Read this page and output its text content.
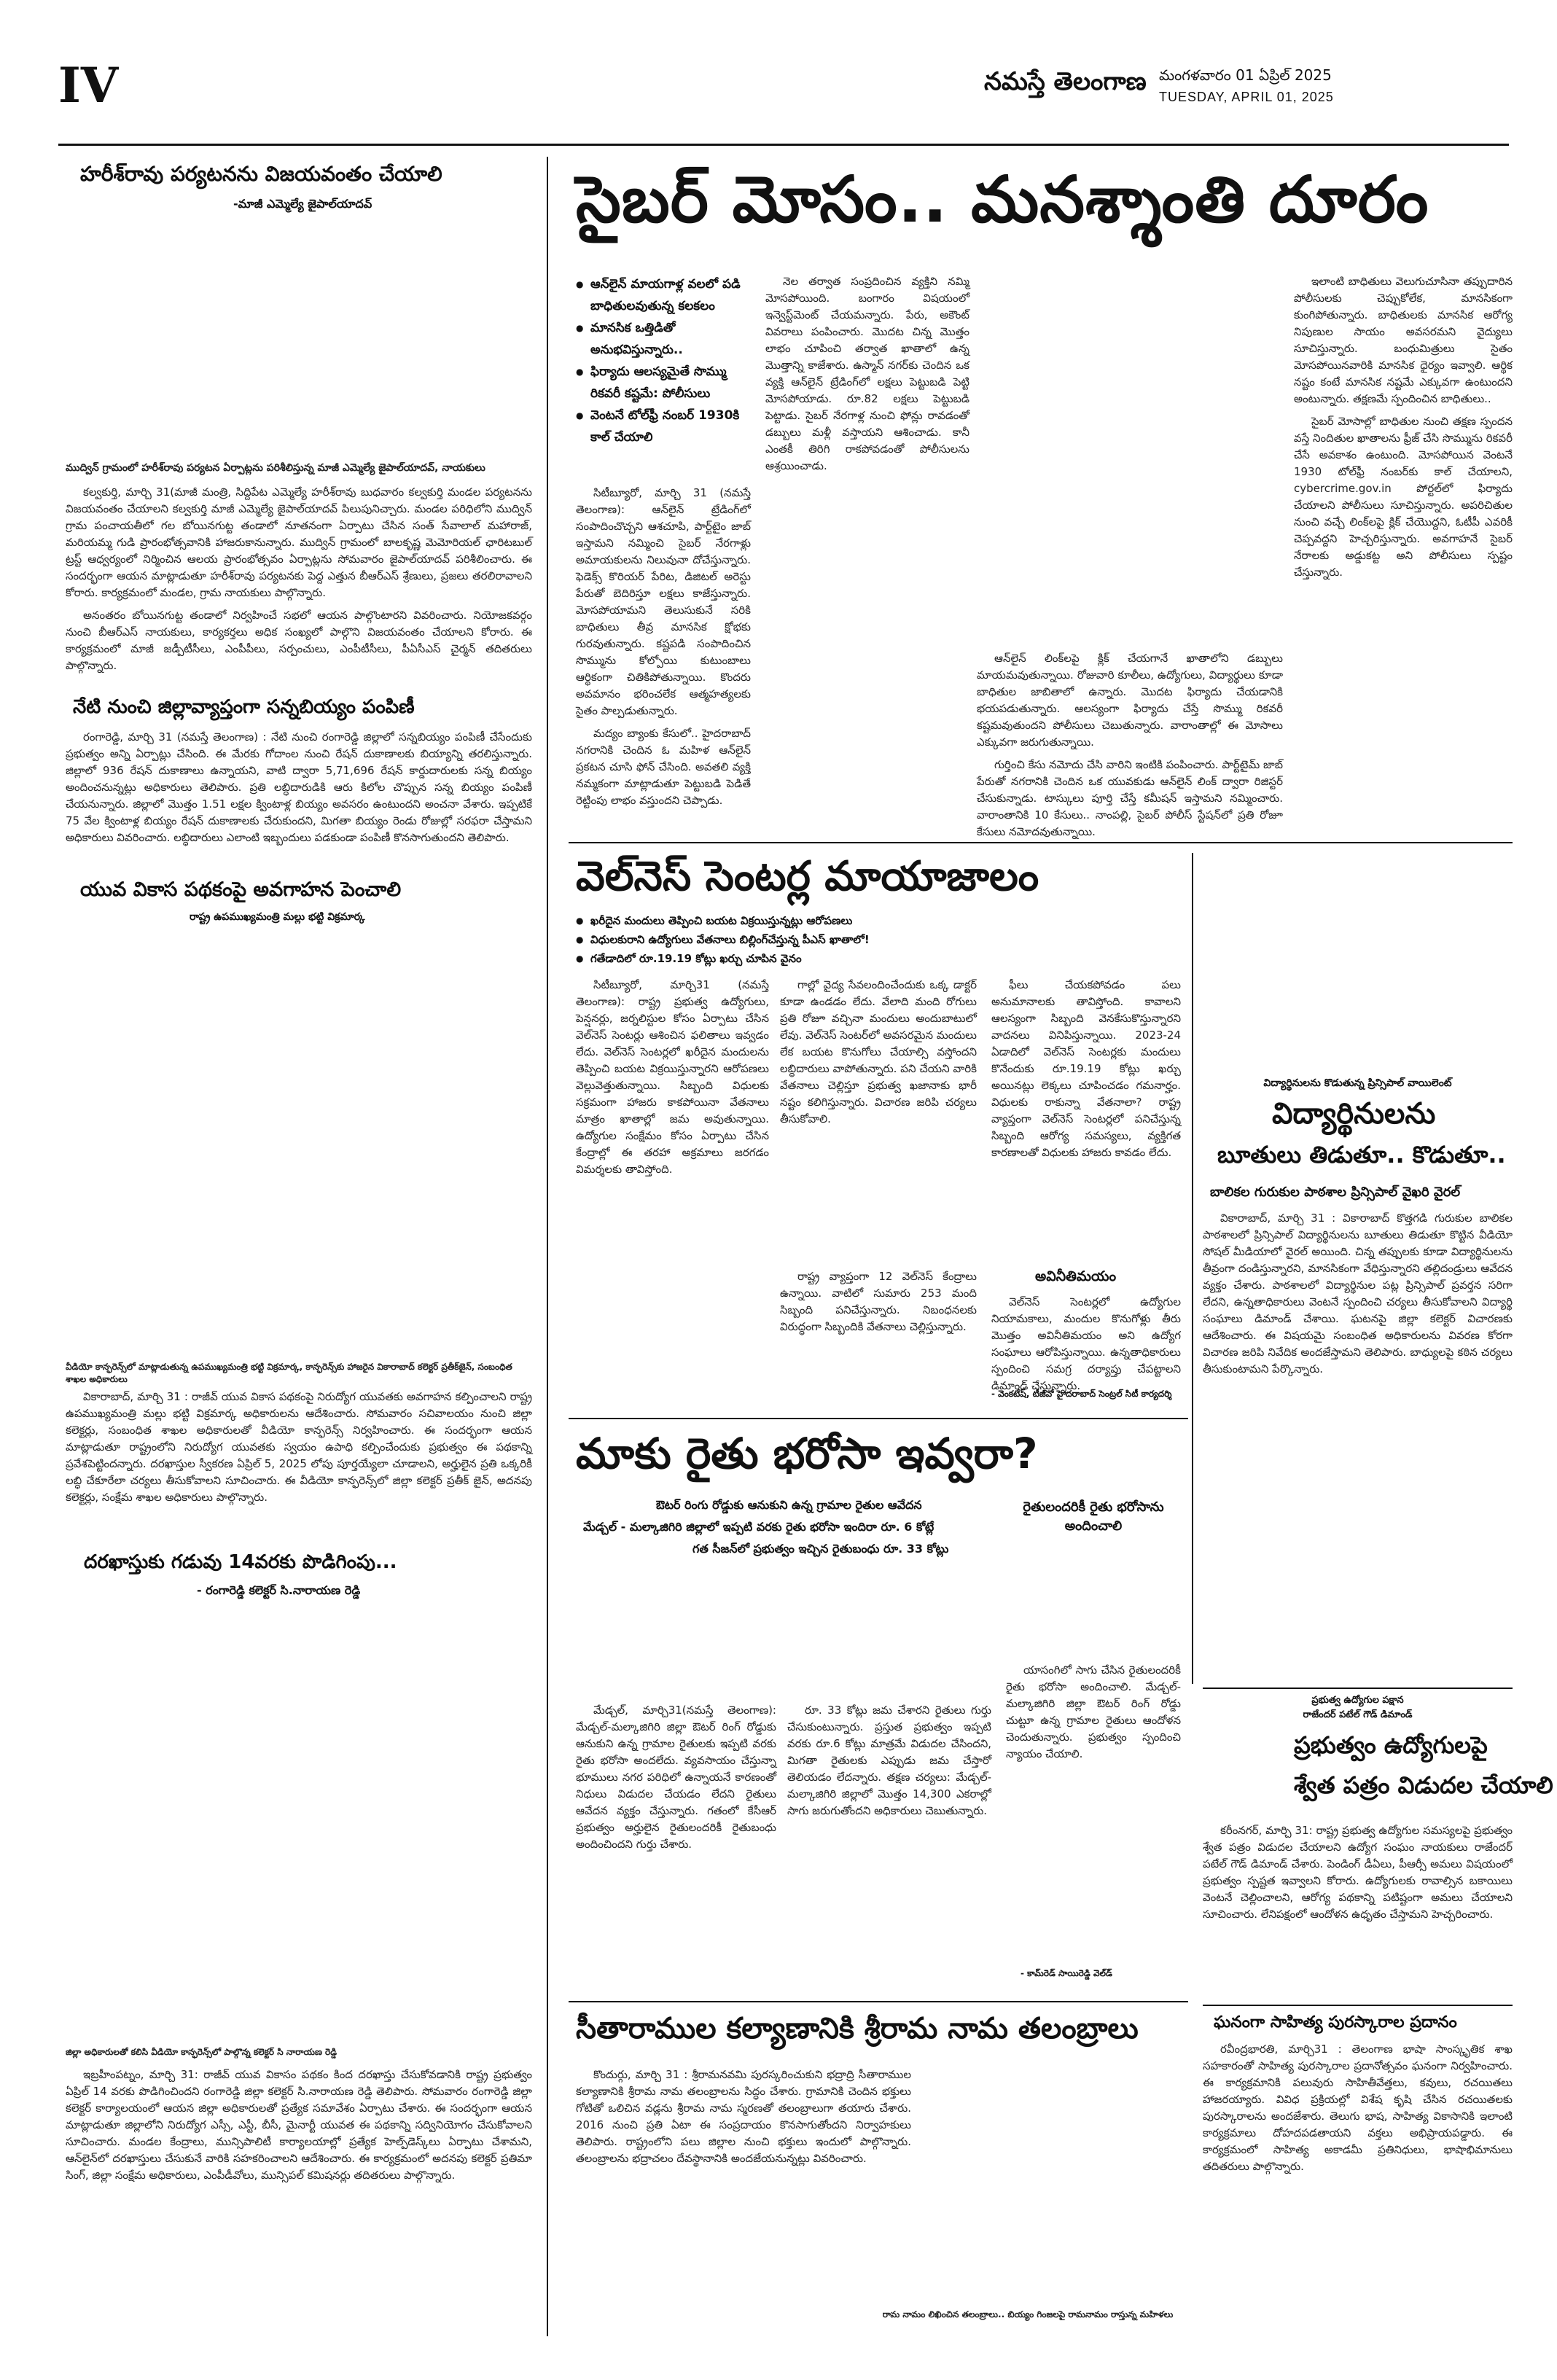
IV	నమస్తే తెలంగాణ మంగళవారం 01 ఏప్రిల్ 2025
TUESDAY, APRIL 01, 2025
హరీశ్‌రావు పర్యటనను విజయవంతం చేయాలి
-మాజీ ఎమ్మెల్యే జైపాల్‌యాదవ్
ముద్విన్ గ్రామంలో హరీశ్‌రావు పర్యటన ఏర్పాట్లను పరిశీలిస్తున్న మాజీ ఎమ్మెల్యే జైపాల్‌యాదవ్, నాయకులు

కల్వకుర్తి, మార్చి 31(మాజీ మంత్రి, సిద్దిపేట ఎమ్మెల్యే హరీశ్‌రావు బుధవారం కల్వకుర్తి మండల పర్యటనను విజయవంతం చేయాలని కల్వకుర్తి మాజీ ఎమ్మెల్యే జైపాల్‌యాదవ్ పిలుపునిచ్చారు. మండల పరిధిలోని ముద్విన్ గ్రామ పంచాయతీలో గల బోయినగుట్ట తండాలో నూతనంగా ఏర్పాటు చేసిన సంత్ సేవాలాల్ మహారాజ్, మరియమ్మ గుడి ప్రారంభోత్సవానికి హాజరుకానున్నారు. ముద్విన్ గ్రామంలో బాలకృష్ణ మెమోరియల్ ఛారిటబుల్ ట్రస్ట్ ఆధ్వర్యంలో నిర్మించిన ఆలయ ప్రారంభోత్సవం ఏర్పాట్లను సోమవారం జైపాల్‌యాదవ్ పరిశీలించారు. ఈ సందర్భంగా ఆయన మాట్లాడుతూ హరీశ్‌రావు పర్యటనకు పెద్ద ఎత్తున బీఆర్‌ఎస్ శ్రేణులు, ప్రజలు తరలిరావాలని కోరారు. కార్యక్రమంలో మండల, గ్రామ నాయకులు పాల్గొన్నారు.

అనంతరం బోయినగుట్ట తండాలో నిర్వహించే సభలో ఆయన పాల్గొంటారని వివరించారు. నియోజకవర్గం నుంచి బీఆర్‌ఎస్ నాయకులు, కార్యకర్తలు అధిక సంఖ్యలో పాల్గొని విజయవంతం చేయాలని కోరారు. ఈ కార్యక్రమంలో మాజీ జడ్పీటీసీలు, ఎంపీపీలు, సర్పంచులు, ఎంపీటీసీలు, పీఏసీఎస్ చైర్మన్ తదితరులు పాల్గొన్నారు.

నేటి నుంచి జిల్లావ్యాప్తంగా సన్నబియ్యం పంపిణీ

రంగారెడ్డి, మార్చి 31 (నమస్తే తెలంగాణ) : నేటి నుంచి రంగారెడ్డి జిల్లాలో సన్నబియ్యం పంపిణీ చేసేందుకు ప్రభుత్వం అన్ని ఏర్పాట్లు చేసింది. ఈ మేరకు గోదాంల నుంచి రేషన్ దుకాణాలకు బియ్యాన్ని తరలిస్తున్నారు. జిల్లాలో 936 రేషన్ దుకాణాలు ఉన్నాయని, వాటి ద్వారా 5,71,696 రేషన్ కార్డుదారులకు సన్న బియ్యం అందించనున్నట్లు అధికారులు తెలిపారు. ప్రతి లబ్ధిదారుడికి ఆరు కిలోల చొప్పున సన్న బియ్యం పంపిణీ చేయనున్నారు. జిల్లాలో మొత్తం 1.51 లక్షల క్వింటాళ్ల బియ్యం అవసరం ఉంటుందని అంచనా వేశారు. ఇప్పటికే 75 వేల క్వింటాళ్ల బియ్యం రేషన్ దుకాణాలకు చేరుకుందని, మిగతా బియ్యం రెండు రోజుల్లో సరఫరా చేస్తామని అధికారులు వివరించారు. లబ్ధిదారులు ఎలాంటి ఇబ్బందులు పడకుండా పంపిణీ కొనసాగుతుందని తెలిపారు.

యువ వికాస పథకంపై అవగాహన పెంచాలి
రాష్ట్ర ఉపముఖ్యమంత్రి మల్లు భట్టి విక్రమార్క
వీడియో కాన్ఫరెన్స్‌లో మాట్లాడుతున్న ఉపముఖ్యమంత్రి భట్టి విక్రమార్క, కాన్ఫరెన్స్‌కు హాజరైన వికారాబాద్ కలెక్టర్ ప్రతీక్‌జైన్, సంబంధిత శాఖల అధికారులు

వికారాబాద్, మార్చి 31 : రాజీవ్ యువ వికాస పథకంపై నిరుద్యోగ యువతకు అవగాహన కల్పించాలని రాష్ట్ర ఉపముఖ్యమంత్రి మల్లు భట్టి విక్రమార్క అధికారులను ఆదేశించారు. సోమవారం సచివాలయం నుంచి జిల్లా కలెక్టర్లు, సంబంధిత శాఖల అధికారులతో వీడియో కాన్ఫరెన్స్ నిర్వహించారు. ఈ సందర్భంగా ఆయన మాట్లాడుతూ రాష్ట్రంలోని నిరుద్యోగ యువతకు స్వయం ఉపాధి కల్పించేందుకు ప్రభుత్వం ఈ పథకాన్ని ప్రవేశపెట్టిందన్నారు. దరఖాస్తుల స్వీకరణ ఏప్రిల్ 5, 2025 లోపు పూర్తయ్యేలా చూడాలని, అర్హులైన ప్రతి ఒక్కరికీ లబ్ధి చేకూరేలా చర్యలు తీసుకోవాలని సూచించారు. ఈ వీడియో కాన్ఫరెన్స్‌లో జిల్లా కలెక్టర్ ప్రతీక్ జైన్, అదనపు కలెక్టర్లు, సంక్షేమ శాఖల అధికారులు పాల్గొన్నారు.

దరఖాస్తుకు గడువు 14వరకు పొడిగింపు...
- రంగారెడ్డి కలెక్టర్ సి.నారాయణ రెడ్డి
జిల్లా అధికారులతో కలిసి వీడియో కాన్ఫరెన్స్‌లో పాల్గొన్న కలెక్టర్ సి నారాయణ రెడ్డి

ఇబ్రహీంపట్నం, మార్చి 31: రాజీవ్ యువ వికాసం పథకం కింద దరఖాస్తు చేసుకోవడానికి రాష్ట్ర ప్రభుత్వం ఏప్రిల్ 14 వరకు పొడిగించిందని రంగారెడ్డి జిల్లా కలెక్టర్ సి.నారాయణ రెడ్డి తెలిపారు. సోమవారం రంగారెడ్డి జిల్లా కలెక్టర్ కార్యాలయంలో ఆయన జిల్లా అధికారులతో ప్రత్యేక సమావేశం ఏర్పాటు చేశారు. ఈ సందర్భంగా ఆయన మాట్లాడుతూ జిల్లాలోని నిరుద్యోగ ఎస్సీ, ఎస్టీ, బీసీ, మైనార్టీ యువత ఈ పథకాన్ని సద్వినియోగం చేసుకోవాలని సూచించారు. మండల కేంద్రాలు, మున్సిపాలిటీ కార్యాలయాల్లో ప్రత్యేక హెల్ప్‌డెస్క్‌లు ఏర్పాటు చేశామని, ఆన్‌లైన్‌లో దరఖాస్తులు చేసుకునే వారికి సహకరించాలని ఆదేశించారు. ఈ కార్యక్రమంలో అదనపు కలెక్టర్ ప్రతిమా సింగ్, జిల్లా సంక్షేమ అధికారులు, ఎంపీడీవోలు, మున్సిపల్ కమిషనర్లు తదితరులు పాల్గొన్నారు.

సైబర్ మోసం.. మనశ్శాంతి దూరం
● ఆన్‌లైన్ మాయగాళ్ల వలలో పడి బాధితులవుతున్న కలకలం
● మానసిక ఒత్తిడితో అనుభవిస్తున్నారు..
● ఫిర్యాదు ఆలస్యమైతే సొమ్ము రికవరీ కష్టమే: పోలీసులు
● వెంటనే టోల్‌ఫ్రీ నంబర్ 1930కి కాల్ చేయాలి

సిటీబ్యూరో, మార్చి 31 (నమస్తే తెలంగాణ): ఆన్‌లైన్ ట్రేడింగ్‌లో సంపాదించొచ్చని ఆశచూపి, పార్ట్‌టైం జాబ్ ఇస్తామని నమ్మించి సైబర్ నేరగాళ్లు అమాయకులను నిలువునా దోచేస్తున్నారు. ఫెడెక్స్ కొరియర్ పేరిట, డిజిటల్ అరెస్టు పేరుతో బెదిరిస్తూ లక్షలు కాజేస్తున్నారు. మోసపోయామని తెలుసుకునే సరికి బాధితులు తీవ్ర మానసిక క్షోభకు గురవుతున్నారు. కష్టపడి సంపాదించిన సొమ్మును కోల్పోయి కుటుంబాలు ఆర్థికంగా చితికిపోతున్నాయి. కొందరు అవమానం భరించలేక ఆత్మహత్యలకు సైతం పాల్పడుతున్నారు.

మద్యం బ్యాంకు కేసులో.. హైదరాబాద్ నగరానికి చెందిన ఓ మహిళ ఆన్‌లైన్ ప్రకటన చూసి ఫోన్ చేసింది. అవతలి వ్యక్తి నమ్మకంగా మాట్లాడుతూ పెట్టుబడి పెడితే రెట్టింపు లాభం వస్తుందని చెప్పాడు.

నెల తర్వాత సంప్రదించిన వ్యక్తిని నమ్మి మోసపోయింది. బంగారం విషయంలో ఇన్వెస్ట్‌మెంట్ చేయమన్నారు. పేరు, అకౌంట్ వివరాలు పంపించారు. మొదట చిన్న మొత్తం లాభం చూపించి తర్వాత ఖాతాలో ఉన్న మొత్తాన్ని కాజేశారు. ఉస్మాన్ నగర్‌కు చెందిన ఒక వ్యక్తి ఆన్‌లైన్ ట్రేడింగ్‌లో లక్షలు పెట్టుబడి పెట్టి మోసపోయాడు. రూ.82 లక్షలు పెట్టుబడి పెట్టాడు. సైబర్ నేరగాళ్ల నుంచి ఫోన్లు రావడంతో డబ్బులు మళ్లీ వస్తాయని ఆశించాడు. కానీ ఎంతకీ తిరిగి రాకపోవడంతో పోలీసులను ఆశ్రయించాడు.

ఆన్‌లైన్ లింక్‌లపై క్లిక్ చేయగానే ఖాతాలోని డబ్బులు మాయమవుతున్నాయి. రోజువారి కూలీలు, ఉద్యోగులు, విద్యార్థులు కూడా బాధితుల జాబితాలో ఉన్నారు. మొదట ఫిర్యాదు చేయడానికి భయపడుతున్నారు. ఆలస్యంగా ఫిర్యాదు చేస్తే సొమ్ము రికవరీ కష్టమవుతుందని పోలీసులు చెబుతున్నారు. వారాంతాల్లో ఈ మోసాలు ఎక్కువగా జరుగుతున్నాయి.

గుర్తించి కేసు నమోదు చేసి వారిని ఇంటికి పంపించారు. పార్ట్‌టైమ్ జాబ్ పేరుతో నగరానికి చెందిన ఒక యువకుడు ఆన్‌లైన్ లింక్ ద్వారా రిజిస్టర్ చేసుకున్నాడు. టాస్కులు పూర్తి చేస్తే కమీషన్ ఇస్తామని నమ్మించారు. వారాంతానికి 10 కేసులు.. నాంపల్లి, సైబర్ పోలీస్ స్టేషన్‌లో ప్రతి రోజూ కేసులు నమోదవుతున్నాయి.

ఇలాంటి బాధితులు వెలుగుచూసినా తప్పుదారిన పోలీసులకు చెప్పుకోలేక, మానసికంగా కుంగిపోతున్నారు. బాధితులకు మానసిక ఆరోగ్య నిపుణుల సాయం అవసరమని వైద్యులు సూచిస్తున్నారు. బంధుమిత్రులు సైతం మోసపోయినవారికి మానసిక ధైర్యం ఇవ్వాలి. ఆర్థిక నష్టం కంటే మానసిక నష్టమే ఎక్కువగా ఉంటుందని అంటున్నారు. తక్షణమే స్పందించిన బాధితులు..

సైబర్ మోసాల్లో బాధితుల నుంచి తక్షణ స్పందన వస్తే నిందితుల ఖాతాలను ఫ్రీజ్ చేసి సొమ్మును రికవరీ చేసే అవకాశం ఉంటుంది. మోసపోయిన వెంటనే 1930 టోల్‌ఫ్రీ నంబర్‌కు కాల్ చేయాలని, cybercrime.gov.in పోర్టల్‌లో ఫిర్యాదు చేయాలని పోలీసులు సూచిస్తున్నారు. అపరిచితుల నుంచి వచ్చే లింక్‌లపై క్లిక్ చేయొద్దని, ఓటీపీ ఎవరికీ చెప్పవద్దని హెచ్చరిస్తున్నారు. అవగాహనే సైబర్ నేరాలకు అడ్డుకట్ట అని పోలీసులు స్పష్టం చేస్తున్నారు.

వెల్‌నెస్ సెంటర్ల మాయాజాలం
● ఖరీదైన మందులు తెప్పించి బయట విక్రయిస్తున్నట్లు ఆరోపణలు
● విధులకురాని ఉద్యోగులు వేతనాలు బిల్లింగ్‌చేస్తున్న పీఎస్ ఖాతాలో!
● గతేడాదిలో రూ.19.19 కోట్లు ఖర్చు చూపిన వైనం

సిటీబ్యూరో, మార్చి31 (నమస్తే తెలంగాణ): రాష్ట్ర ప్రభుత్వ ఉద్యోగులు, పెన్షనర్లు, జర్నలిస్టుల కోసం ఏర్పాటు చేసిన వెల్‌నెస్ సెంటర్లు ఆశించిన ఫలితాలు ఇవ్వడం లేదు. వెల్‌నెస్ సెంటర్లలో ఖరీదైన మందులను తెప్పించి బయట విక్రయిస్తున్నారని ఆరోపణలు వెల్లువెత్తుతున్నాయి. సిబ్బంది విధులకు సక్రమంగా హాజరు కాకపోయినా వేతనాలు మాత్రం ఖాతాల్లో జమ అవుతున్నాయి. ఉద్యోగుల సంక్షేమం కోసం ఏర్పాటు చేసిన కేంద్రాల్లో ఈ తరహా అక్రమాలు జరగడం విమర్శలకు తావిస్తోంది.

గాల్లో వైద్య సేవలందించేందుకు ఒక్క డాక్టర్ కూడా ఉండడం లేదు. వేలాది మంది రోగులు ప్రతి రోజూ వచ్చినా మందులు అందుబాటులో లేవు. వెల్‌నెస్ సెంటర్‌లో అవసరమైన మందులు లేక బయట కొనుగోలు చేయాల్సి వస్తోందని లబ్ధిదారులు వాపోతున్నారు. పని చేయని వారికి వేతనాలు చెల్లిస్తూ ప్రభుత్వ ఖజానాకు భారీ నష్టం కలిగిస్తున్నారు. విచారణ జరిపి చర్యలు తీసుకోవాలి.

ఫీలు చేయకపోవడం పలు అనుమానాలకు తావిస్తోంది. కావాలని ఆలస్యంగా సిబ్బంది వెనకేసుకొస్తున్నారని వాదనలు వినిపిస్తున్నాయి. 2023-24 ఏడాదిలో వెల్‌నెస్ సెంటర్లకు మందులు కొనేందుకు రూ.19.19 కోట్లు ఖర్చు అయినట్లు లెక్కలు చూపించడం గమనార్హం. విధులకు రాకున్నా వేతనాలా? రాష్ట్ర వ్యాప్తంగా వెల్‌నెస్ సెంటర్లలో పనిచేస్తున్న సిబ్బంది ఆరోగ్య సమస్యలు, వ్యక్తిగత కారణాలతో విధులకు హాజరు కావడం లేదు.

రాష్ట్ర వ్యాప్తంగా 12 వెల్‌నెస్ కేంద్రాలు ఉన్నాయి. వాటిలో సుమారు 253 మంది సిబ్బంది పనిచేస్తున్నారు. నిబంధనలకు విరుద్ధంగా సిబ్బందికి వేతనాలు చెల్లిస్తున్నారు.

అవినీతిమయం

వెల్‌నెస్ సెంటర్లలో ఉద్యోగుల నియామకాలు, మందుల కొనుగోళ్లు తీరు మొత్తం అవినీతిమయం అని ఉద్యోగ సంఘాలు ఆరోపిస్తున్నాయి. ఉన్నతాధికారులు స్పందించి సమగ్ర దర్యాప్తు చేపట్టాలని డిమాండ్ చేస్తున్నారు.

- వెంకటేష్, టీజీవో హైదరాబాద్ సెంట్రల్ సిటీ కార్యదర్శి
విద్యార్థినులను కొడుతున్న ప్రిన్సిపాల్ వాయిలెంట్
విద్యార్థినులను
బూతులు తిడుతూ.. కొడుతూ..
బాలికల గురుకుల పాఠశాల ప్రిన్సిపాల్ వైఖరి వైరల్

వికారాబాద్, మార్చి 31 : వికారాబాద్ కొత్తగడి గురుకుల బాలికల పాఠశాలలో ప్రిన్సిపాల్ విద్యార్థినులను బూతులు తిడుతూ కొట్టిన వీడియో సోషల్ మీడియాలో వైరల్ అయింది. చిన్న తప్పులకు కూడా విద్యార్థినులను తీవ్రంగా దండిస్తున్నారని, మానసికంగా వేధిస్తున్నారని తల్లిదండ్రులు ఆవేదన వ్యక్తం చేశారు. పాఠశాలలో విద్యార్థినుల పట్ల ప్రిన్సిపాల్ ప్రవర్తన సరిగా లేదని, ఉన్నతాధికారులు వెంటనే స్పందించి చర్యలు తీసుకోవాలని విద్యార్థి సంఘాలు డిమాండ్ చేశాయి. ఘటనపై జిల్లా కలెక్టర్ విచారణకు ఆదేశించారు. ఈ విషయమై సంబంధిత అధికారులను వివరణ కోరగా విచారణ జరిపి నివేదిక అందజేస్తామని తెలిపారు. బాధ్యులపై కఠిన చర్యలు తీసుకుంటామని పేర్కొన్నారు.

మాకు రైతు భరోసా ఇవ్వరా?
ఔటర్ రింగు రోడ్డుకు ఆనుకుని ఉన్న గ్రామాల రైతుల ఆవేదన
మేడ్చల్ - మల్కాజిగిరి జిల్లాలో ఇప్పటి వరకు రైతు భరోసా ఇందిరా రూ. 6 కోట్లే
గత సీజన్‌లో ప్రభుత్వం ఇచ్చిన రైతుబంధు రూ. 33 కోట్లు

మేడ్చల్, మార్చి31(నమస్తే తెలంగాణ): మేడ్చల్-మల్కాజిగిరి జిల్లా ఔటర్ రింగ్ రోడ్డుకు ఆనుకుని ఉన్న గ్రామాల రైతులకు ఇప్పటి వరకు రైతు భరోసా అందలేదు. వ్యవసాయం చేస్తున్నా భూములు నగర పరిధిలో ఉన్నాయనే కారణంతో నిధులు విడుదల చేయడం లేదని రైతులు ఆవేదన వ్యక్తం చేస్తున్నారు. గతంలో కేసీఆర్ ప్రభుత్వం అర్హులైన రైతులందరికీ రైతుబంధు అందించిందని గుర్తు చేశారు.

రూ. 33 కోట్లు జమ చేశారని రైతులు గుర్తు చేసుకుంటున్నారు. ప్రస్తుత ప్రభుత్వం ఇప్పటి వరకు రూ.6 కోట్లు మాత్రమే విడుదల చేసిందని, మిగతా రైతులకు ఎప్పుడు జమ చేస్తారో తెలియడం లేదన్నారు. తక్షణ చర్యలు: మేడ్చల్-మల్కాజిగిరి జిల్లాలో మొత్తం 14,300 ఎకరాల్లో సాగు జరుగుతోందని అధికారులు చెబుతున్నారు.

రైతులందరికీ రైతు భరోసాను అందించాలి

యాసంగిలో సాగు చేసిన రైతులందరికీ రైతు భరోసా అందించాలి. మేడ్చల్-మల్కాజిగిరి జిల్లా ఔటర్ రింగ్ రోడ్డు చుట్టూ ఉన్న గ్రామాల రైతులు ఆందోళన చెందుతున్నారు. ప్రభుత్వం స్పందించి న్యాయం చేయాలి.

- కామ్‌రెడ్ సాయిరెడ్డి వెల్‌డ్
సీతారాముల కల్యాణానికి శ్రీరామ నామ తలంబ్రాలు

కొందుర్గు, మార్చి 31 : శ్రీరామనవమి పురస్కరించుకుని భద్రాద్రి సీతారాముల కల్యాణానికి శ్రీరామ నామ తలంబ్రాలను సిద్ధం చేశారు. గ్రామానికి చెందిన భక్తులు గోటితో ఒలిచిన వడ్లను శ్రీరామ నామ స్మరణతో తలంబ్రాలుగా తయారు చేశారు. 2016 నుంచి ప్రతి ఏటా ఈ సంప్రదాయం కొనసాగుతోందని నిర్వాహకులు తెలిపారు. రాష్ట్రంలోని పలు జిల్లాల నుంచి భక్తులు ఇందులో పాల్గొన్నారు. తలంబ్రాలను భద్రాచలం దేవస్థానానికి అందజేయనున్నట్లు వివరించారు.

రామ నామం లిఖించిన తలంబ్రాలు.. బియ్యం గింజలపై రామనామం రాస్తున్న మహిళలు
ప్రభుత్వ ఉద్యోగుల పక్షాన
రాజేందర్ పటేల్ గౌడ్ డిమాండ్
ప్రభుత్వం ఉద్యోగులపై
శ్వేత పత్రం విడుదల చేయాలి

కరీంనగర్, మార్చి 31: రాష్ట్ర ప్రభుత్వ ఉద్యోగుల సమస్యలపై ప్రభుత్వం శ్వేత పత్రం విడుదల చేయాలని ఉద్యోగ సంఘం నాయకులు రాజేందర్ పటేల్ గౌడ్ డిమాండ్ చేశారు. పెండింగ్ డీఏలు, పీఆర్సీ అమలు విషయంలో ప్రభుత్వం స్పష్టత ఇవ్వాలని కోరారు. ఉద్యోగులకు రావాల్సిన బకాయిలు వెంటనే చెల్లించాలని, ఆరోగ్య పథకాన్ని పటిష్టంగా అమలు చేయాలని సూచించారు. లేనిపక్షంలో ఆందోళన ఉధృతం చేస్తామని హెచ్చరించారు.

ఘనంగా సాహిత్య పురస్కారాల ప్రదానం

రవీంద్రభారతి, మార్చి31 : తెలంగాణ భాషా సాంస్కృతిక శాఖ సహకారంతో సాహిత్య పురస్కారాల ప్రదానోత్సవం ఘనంగా నిర్వహించారు. ఈ కార్యక్రమానికి పలువురు సాహితీవేత్తలు, కవులు, రచయితలు హాజరయ్యారు. వివిధ ప్రక్రియల్లో విశేష కృషి చేసిన రచయితలకు పురస్కారాలను అందజేశారు. తెలుగు భాష, సాహిత్య వికాసానికి ఇలాంటి కార్యక్రమాలు దోహదపడతాయని వక్తలు అభిప్రాయపడ్డారు. ఈ కార్యక్రమంలో సాహిత్య అకాడమీ ప్రతినిధులు, భాషాభిమానులు తదితరులు పాల్గొన్నారు.
